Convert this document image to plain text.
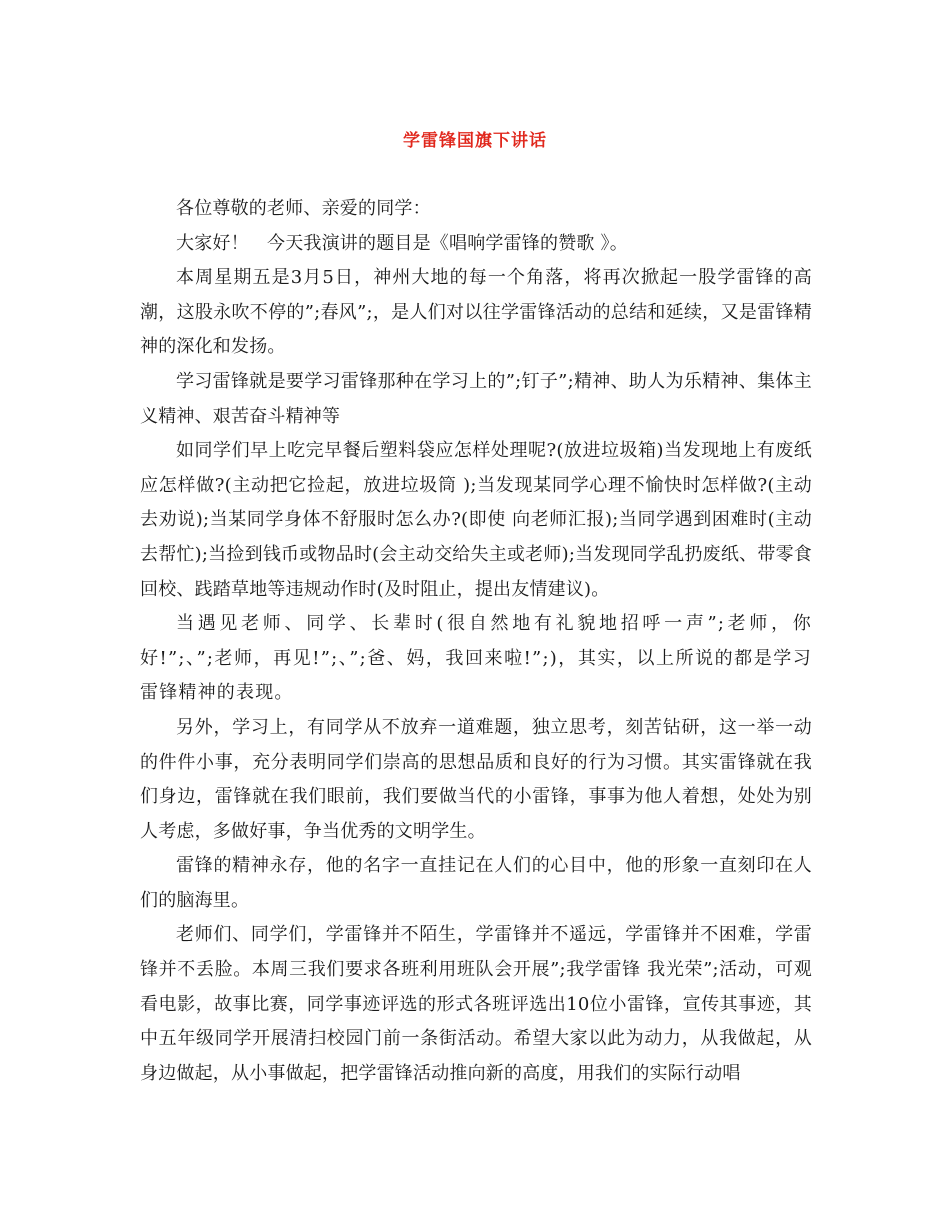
学雷锋国旗下讲话

各位尊敬的老师、亲爱的同学：

大家好！　今天我演讲的题目是《唱响学雷锋的赞歌 》。

本周星期五是3月5日，神州大地的每一个角落，将再次掀起一股学雷锋的高潮，这股永吹不停的”;春风”;，是人们对以往学雷锋活动的总结和延续，又是雷锋精神的深化和发扬。

学习雷锋就是要学习雷锋那种在学习上的”;钉子”;精神、助人为乐精神、集体主义精神、艰苦奋斗精神等

如同学们早上吃完早餐后塑料袋应怎样处理呢?(放进垃圾箱)当发现地上有废纸应怎样做?(主动把它捡起，放进垃圾筒 );当发现某同学心理不愉快时怎样做?(主动去劝说);当某同学身体不舒服时怎么办?(即使 向老师汇报);当同学遇到困难时(主动去帮忙);当捡到钱币或物品时(会主动交给失主或老师);当发现同学乱扔废纸、带零食回校、践踏草地等违规动作时(及时阻止，提出友情建议)。

当遇见老师、同学、长辈时(很自然地有礼貌地招呼一声”;老师，你好!”;、”;老师，再见!”;、”;爸、妈，我回来啦!”;)，其实，以上所说的都是学习雷锋精神的表现。

另外，学习上，有同学从不放弃一道难题，独立思考，刻苦钻研，这一举一动的件件小事，充分表明同学们崇高的思想品质和良好的行为习惯。其实雷锋就在我们身边，雷锋就在我们眼前，我们要做当代的小雷锋，事事为他人着想，处处为别人考虑，多做好事，争当优秀的文明学生。

雷锋的精神永存，他的名字一直挂记在人们的心目中，他的形象一直刻印在人们的脑海里。

老师们、同学们，学雷锋并不陌生，学雷锋并不遥远，学雷锋并不困难，学雷锋并不丢脸。本周三我们要求各班利用班队会开展”;我学雷锋 我光荣”;活动，可观看电影，故事比赛，同学事迹评选的形式各班评选出10位小雷锋，宣传其事迹，其中五年级同学开展清扫校园门前一条街活动。希望大家以此为动力，从我做起，从身边做起，从小事做起，把学雷锋活动推向新的高度，用我们的实际行动唱
